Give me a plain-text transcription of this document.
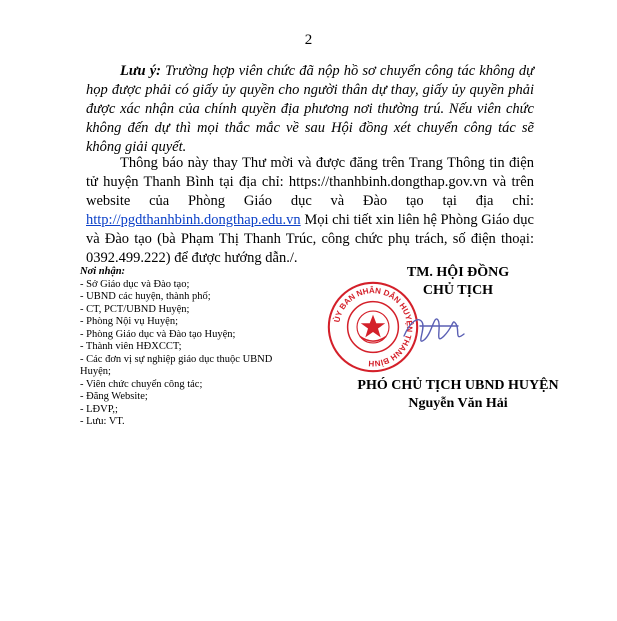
2
Lưu ý: Trường hợp viên chức đã nộp hồ sơ chuyển công tác không dự họp được phải có giấy ủy quyền cho người thân dự thay, giấy ủy quyền phải được xác nhận của chính quyền địa phương nơi thường trú. Nếu viên chức không đến dự thì mọi thắc mắc về sau Hội đồng xét chuyển công tác sẽ không giải quyết.
Thông báo này thay Thư mời và được đăng trên Trang Thông tin điện tử huyện Thanh Bình tại địa chỉ: https://thanhbinh.dongthap.gov.vn và trên website của Phòng Giáo dục và Đào tạo tại địa chỉ: http://pgdthanhbinh.dongthap.edu.vn Mọi chi tiết xin liên hệ Phòng Giáo dục và Đào tạo (bà Phạm Thị Thanh Trúc, công chức phụ trách, số điện thoại: 0392.499.222) để được hướng dẫn./.
Nơi nhận:
- Sở Giáo dục và Đào tạo;
- UBND các huyện, thành phố;
- CT, PCT/UBND Huyện;
- Phòng Nội vụ Huyện;
- Phòng Giáo dục và Đào tạo Huyện;
- Thành viên HĐXCCT;
- Các đơn vị sự nghiệp giáo dục thuộc UBND Huyện;
- Viên chức chuyển công tác;
- Đăng Website;
- LĐVP,;
- Lưu: VT.
TM. HỘI ĐỒNG
CHỦ TỊCH
ỦY BAN NHÂN DÂN HUYỆN THANH BÌNH
PHÓ CHỦ TỊCH UBND HUYỆN
Nguyễn Văn Hải
